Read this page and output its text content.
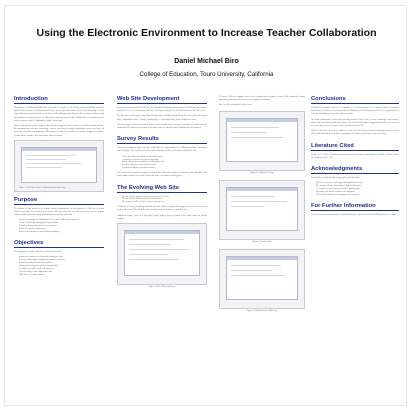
Using the Electronic Environment to Increase Teacher Collaboration
Daniel Michael Biro
College of Education, Touro University, California
Introduction
Teachers are well-educated individuals who hold the majority of the college and credentialing with their practice and profession. In their classrooms they play a vital and central role, but that knowledge is often kept within their own four walls, rarely shared with colleagues. Teaching can be an isolated endeavor, and opportunities to collaborate are few. This project examines how an online collaborative environment can be used to increase teacher collaboration within a school site.
When collaborating, teachers begin to share the knowledge they have acquired over their academic lifetime. By managing their collective knowledge, teachers can create a learning organization system that raises all those who contribute and participate. This project describes the creation of a website designed for teachers to share ideas, resources and lesson plans with one another.
Figure 1: The Wiki Teacher Collaboration Site Home Page
Purpose
The purpose of this project is to increase teacher collaboration by the creation of a Web site in which teachers may share knowledge and resources with each other. The site will be used as a tool to support teachers in the areas of planning and instruction across the curriculum.
• Increase the amount of collaboration between the staff teachers members
• Create a knowledge management system online
• Provide teachers with easy access to resources
• Evolve the system continuously
• Increase the amount of cross-curricular planning
Objectives
The principal investigator will create a Web site that will:
• Increase the amount of collaboration among the staff
• Serve as a knowledge management system for teachers
• Provide a forum for ideas and questions
• Allow teachers to post resources and materials
• Be easily accessible for all staff members
• Track the usage of the collaborative site
• Help all to overcome isolation
Web Site Development
Before the development of the Web site, the principal investigator created a survey to find out what teachers would like to see in a collaborative Web site. This survey was given to all staff members at the school site.
The Web site was designed using Adobe Dreamweaver and Macromedia Flash. The site consists of a home page, a discussion forum, a resource sharing page, a lesson plan bank, and a calendar of events.
The home page of the site provides links to each section. Users can post a question or comment in the forum and other teachers may respond. Resources may be uploaded and downloaded by all members.
Survey Results
All survey respondents agreed that they would like more opportunities to collaborate and share knowledge with colleagues. The majority of teachers stated that they would use an online collaborative site.
• All of the teachers would like more collaboration
• A majority of teachers use the Internet daily
• Most of the teachers would use a collaborative site
• Teachers want access to shared resources
• Teachers would like a discussion forum
The teachers also reported a number of barriers that exist when trying to collaborate with colleagues. The most common barriers were lack of time and lack of a common meeting place.
The Evolving Web Site
• The site will be updated as teachers request new features
• The site will be maintained by the staff members
• New teachers will be trained on how to use the site
A Web site is a living, breathing document. It must continue to grow and change in order to meet the needs of those who use it. The site will evolve as staff members continue to contribute to it.
Additional features, such as a blog and a photo gallery, may be added in the future based on teacher feedback.
Figure 3: The Wiki and Forum
To create a Web site template, open a new Dreamweaver document. Create a table, import the banner and buttons, and insert the layers as the template for all pages.
Save as a file and upload it to the server.
Figure 4: Editing Web Page
Figure 5: Forum Page
Figure 6: Submit Lesson Plan Page
Conclusions
Collaboration among teachers is essential for the development of a strong school community. Unfortunately, teachers are usually isolated within their own classrooms and have few opportunities to share their thinking and expertise with one another.
An online collaborative environment provides teachers with a place to share knowledge and resources without the constraints of time and location. The results of this project suggest that teachers will use such an environment when it is easy to access and meets their needs.
When teachers have the tools to collaborate, such as the Web site developed in this project, they are better able to plan instruction, share ideas, and support one another in the daily work of teaching.
Literature Cited
Ruffin, N. J. (2002). Collaboration and professional learning communities in schools. Journal of Staff Development, 23(1), 1-15.
Acknowledgments
I would like to thank the following people and institutions:
• My wife for her love and support throughout this project
• The faculty of Touro University, College of Education
• The teachers at my school site for their participation
• My family and friends for their encouragement
• Dr. Pamela Redmond for her guidance and expertise
For Further Information
If you are interested in learning more about this project, please contact Daniel Michael Biro by e-mail.
